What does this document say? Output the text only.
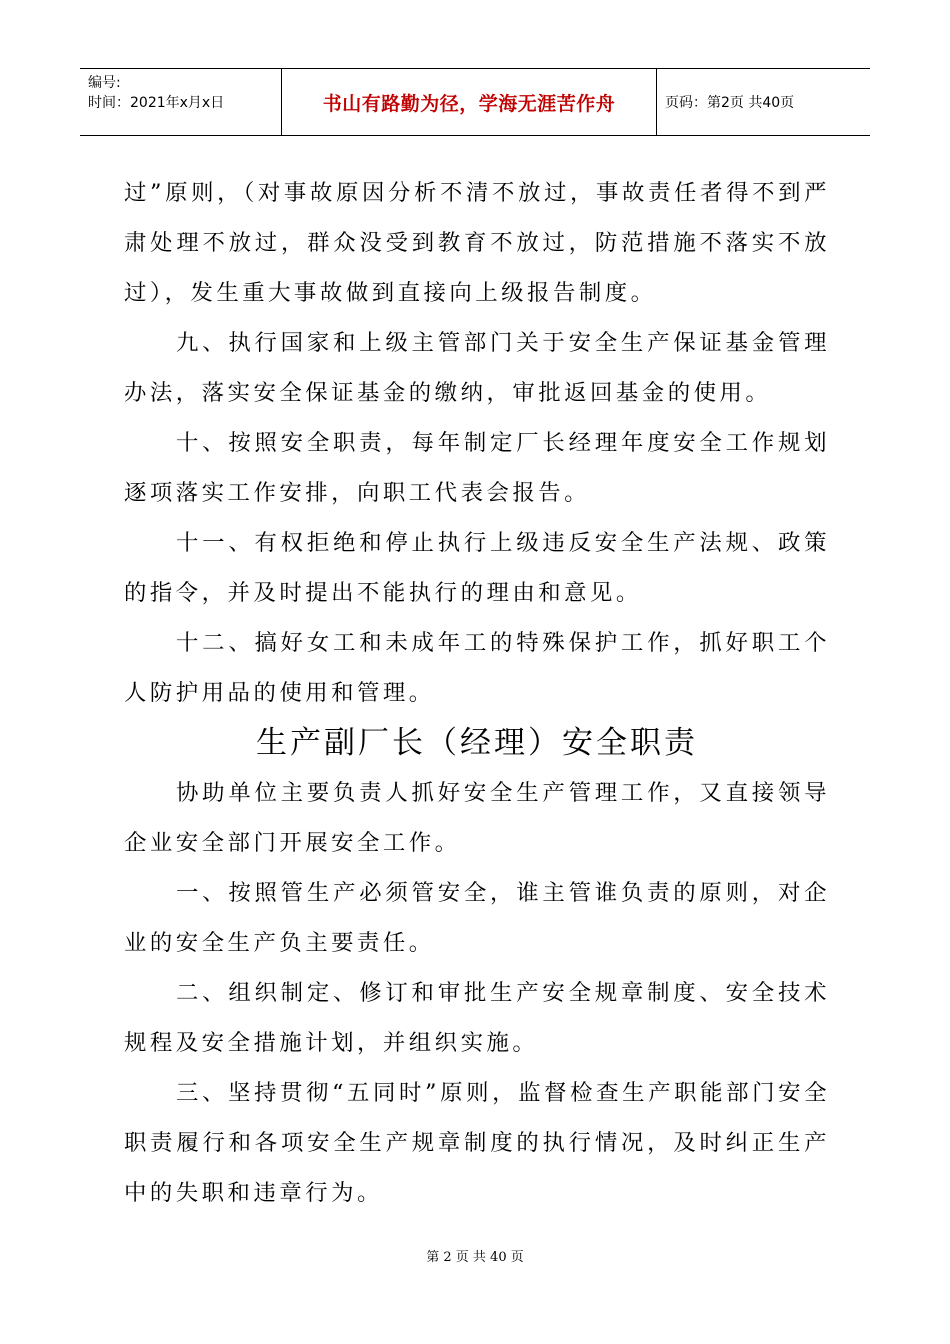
编号:
时间：2021年x月x日	书山有路勤为径，学海无涯苦作舟	页码：第2页 共40页

过”原则，（对事故原因分析不清不放过，事故责任者得不到严肃处理不放过，群众没受到教育不放过，防范措施不落实不放过），发生重大事故做到直接向上级报告制度。

九、执行国家和上级主管部门关于安全生产保证基金管理办法，落实安全保证基金的缴纳，审批返回基金的使用。

十、按照安全职责，每年制定厂长经理年度安全工作规划逐项落实工作安排，向职工代表会报告。

十一、有权拒绝和停止执行上级违反安全生产法规、政策的指令，并及时提出不能执行的理由和意见。

十二、搞好女工和未成年工的特殊保护工作，抓好职工个人防护用品的使用和管理。

生产副厂长（经理）安全职责

协助单位主要负责人抓好安全生产管理工作，又直接领导企业安全部门开展安全工作。

一、按照管生产必须管安全，谁主管谁负责的原则，对企业的安全生产负主要责任。

二、组织制定、修订和审批生产安全规章制度、安全技术规程及安全措施计划，并组织实施。

三、坚持贯彻“五同时”原则，监督检查生产职能部门安全职责履行和各项安全生产规章制度的执行情况，及时纠正生产中的失职和违章行为。

第 2 页 共 40 页
